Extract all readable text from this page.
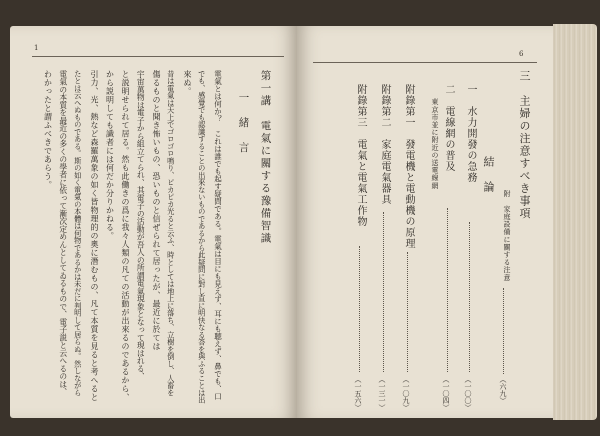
1
第一講　電氣に關する豫備智識
一　緒　言
電氣とは何か？　これは誰でも起す疑問である。電氣は目にも見えず、耳にも聴えず、鼻でも、口
でも、感覺でも認識することの出來ないものであるから此疑問に對し直に明快なる答を與ふることは出
來ぬ。
昔は電氣は天上でゴロゴロ鳴り、ピカピカ光ると云ふ、時としては地上に落ち、立樹を倒し、人畜を
傷るものと聞き怖いもの、恐いものと信ぜられて居ったが、最近に於ては
宇宙萬物は電子から組立てられ、其電子の活動が吾人の所謂電氣現象となって現はれる、
と説明せられて居る。然も此働きの爲に我々人類の凡ての活動が出來るのであるから、
から説明しても識者には何だか分りかねる。
引力、光、熱など森羅萬象の如く皆物理的の奧に潛むもの、凡て本質を見ると考へると
たとは云へぬものである。斯の如く電氣の本體は何物であるかは未だに判明して居らぬ。然しながら
電氣の本質を最近の多くの學者に依って漸次定めんとしてゐるもので、電子説と云へるのは、
わかったと謂ふべきであらう。
6
三　主婦の注意すべき事項
附　家庭設備に關する注意
（六九）
結　論
一　水力開發の急務
（一〇〇）
二　電線網の普及
（一〇四）
東京市並に附近の送電線網
附錄第一　發電機と電動機の原理
（一〇九）
附錄第二　家庭電氣器具
（一三一）
附錄第三　電氣と電氣工作物
（一五六）
